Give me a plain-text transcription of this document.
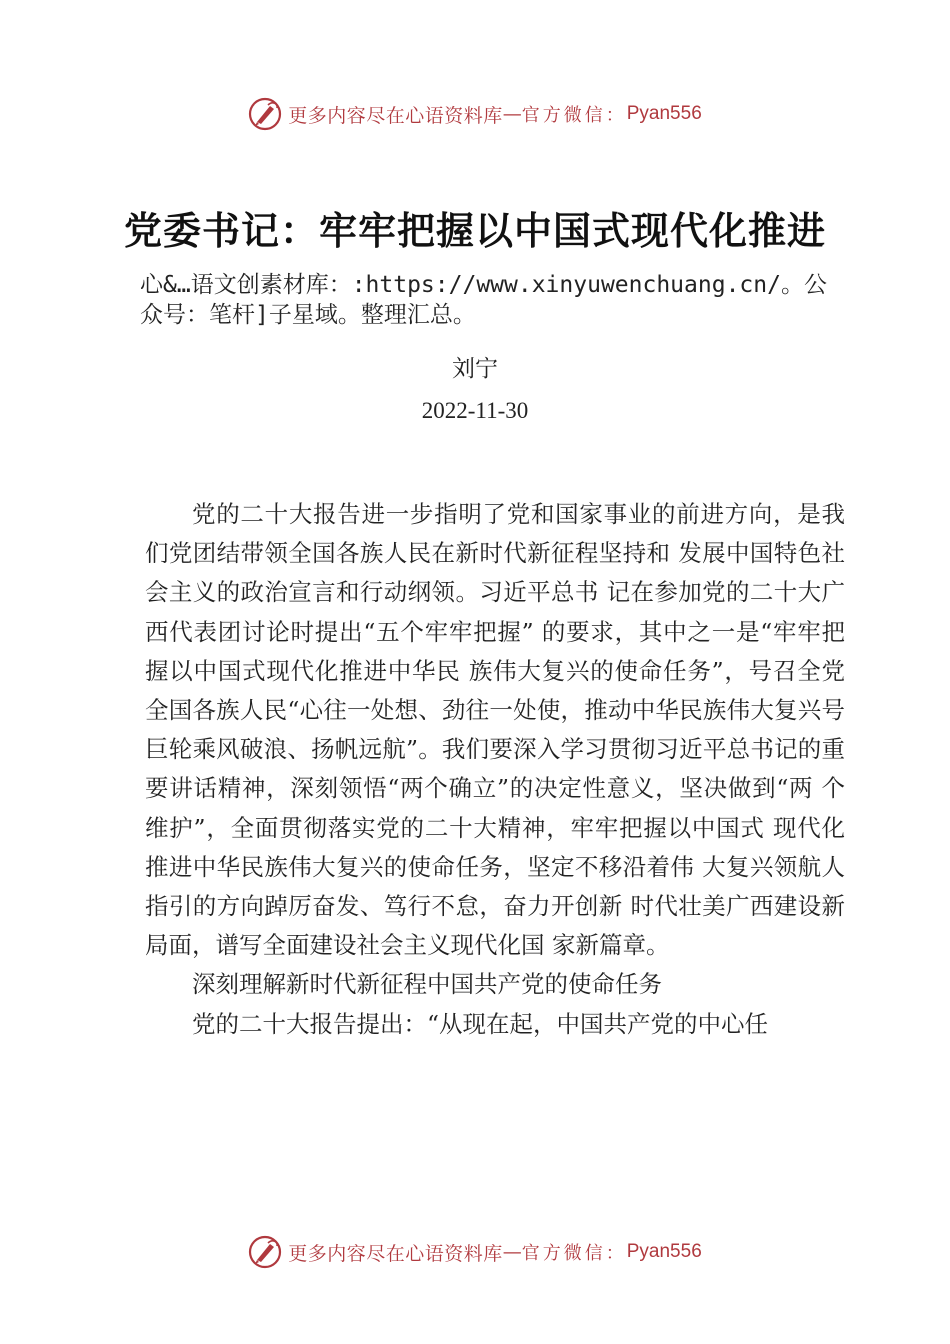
更多内容尽在心语资料库 — 官方微信： Pyan556
党委书记：牢牢把握以中国式现代化推进
心&…语文创素材库：:https://www.xinyuwenchuang.cn/。公众号：笔杆]子星域。整理汇总。
刘宁
2022-11-30

党的二十大报告进一步指明了党和国家事业的前进方向，是我们党团结带领全国各族人民在新时代新征程坚持和 发展中国特色社会主义的政治宣言和行动纲领。习近平总书 记在参加党的二十大广西代表团讨论时提出“五个牢牢把握” 的要求，其中之一是“牢牢把握以中国式现代化推进中华民 族伟大复兴的使命任务”，号召全党全国各族人民“心往一处想、劲往一处使，推动中华民族伟大复兴号巨轮乘风破浪、扬帆远航”。我们要深入学习贯彻习近平总书记的重要讲话精神，深刻领悟“两个确立”的决定性意义，坚决做到“两 个维护”，全面贯彻落实党的二十大精神，牢牢把握以中国式 现代化推进中华民族伟大复兴的使命任务，坚定不移沿着伟 大复兴领航人指引的方向踔厉奋发、笃行不怠，奋力开创新 时代壮美广西建设新局面，谱写全面建设社会主义现代化国 家新篇章。

深刻理解新时代新征程中国共产党的使命任务

党的二十大报告提出：“从现在起，中国共产党的中心任

更多内容尽在心语资料库 — 官方微信： Pyan556
